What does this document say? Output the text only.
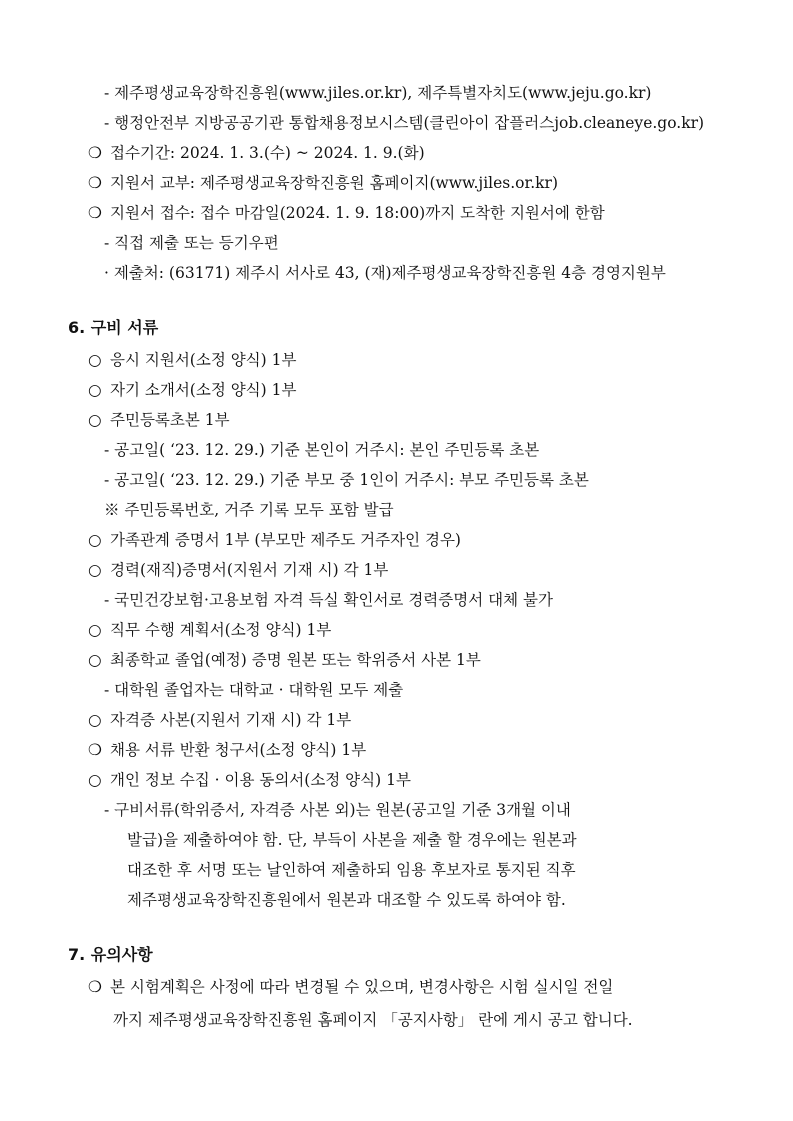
- 제주평생교육장학진흥원(www.jiles.or.kr), 제주특별자치도(www.jeju.go.kr)
- 행정안전부 지방공공기관 통합채용정보시스템(클린아이 잡플러스job.cleaneye.go.kr)
❍ 접수기간: 2024. 1. 3.(수) ~ 2024. 1. 9.(화)
❍ 지원서 교부: 제주평생교육장학진흥원 홈페이지(www.jiles.or.kr)
❍ 지원서 접수: 접수 마감일(2024. 1. 9. 18:00)까지 도착한 지원서에 한함
- 직접 제출 또는 등기우편
· 제출처: (63171) 제주시 서사로 43, (재)제주평생교육장학진흥원 4층 경영지원부
6. 구비 서류
○ 응시 지원서(소정 양식) 1부
○ 자기 소개서(소정 양식) 1부
○ 주민등록초본 1부
- 공고일( ‘23. 12. 29.) 기준 본인이 거주시: 본인 주민등록 초본
- 공고일( ‘23. 12. 29.) 기준 부모 중 1인이 거주시: 부모 주민등록 초본
※ 주민등록번호, 거주 기록 모두 포함 발급
○ 가족관계 증명서 1부 (부모만 제주도 거주자인 경우)
○ 경력(재직)증명서(지원서 기재 시) 각 1부
- 국민건강보험·고용보험 자격 득실 확인서로 경력증명서 대체 불가
○ 직무 수행 계획서(소정 양식) 1부
○ 최종학교 졸업(예정) 증명 원본 또는 학위증서 사본 1부
- 대학원 졸업자는 대학교 · 대학원 모두 제출
○ 자격증 사본(지원서 기재 시) 각 1부
❍ 채용 서류 반환 청구서(소정 양식) 1부
○ 개인 정보 수집 · 이용 동의서(소정 양식) 1부
- 구비서류(학위증서, 자격증 사본 외)는 원본(공고일 기준 3개월 이내
발급)을 제출하여야 함. 단, 부득이 사본을 제출 할 경우에는 원본과
대조한 후 서명 또는 날인하여 제출하되 임용 후보자로 통지된 직후
제주평생교육장학진흥원에서 원본과 대조할 수 있도록 하여야 함.
7. 유의사항
❍ 본 시험계획은 사정에 따라 변경될 수 있으며, 변경사항은 시험 실시일 전일
까지 제주평생교육장학진흥원 홈페이지 「공지사항」 란에 게시 공고 합니다.
